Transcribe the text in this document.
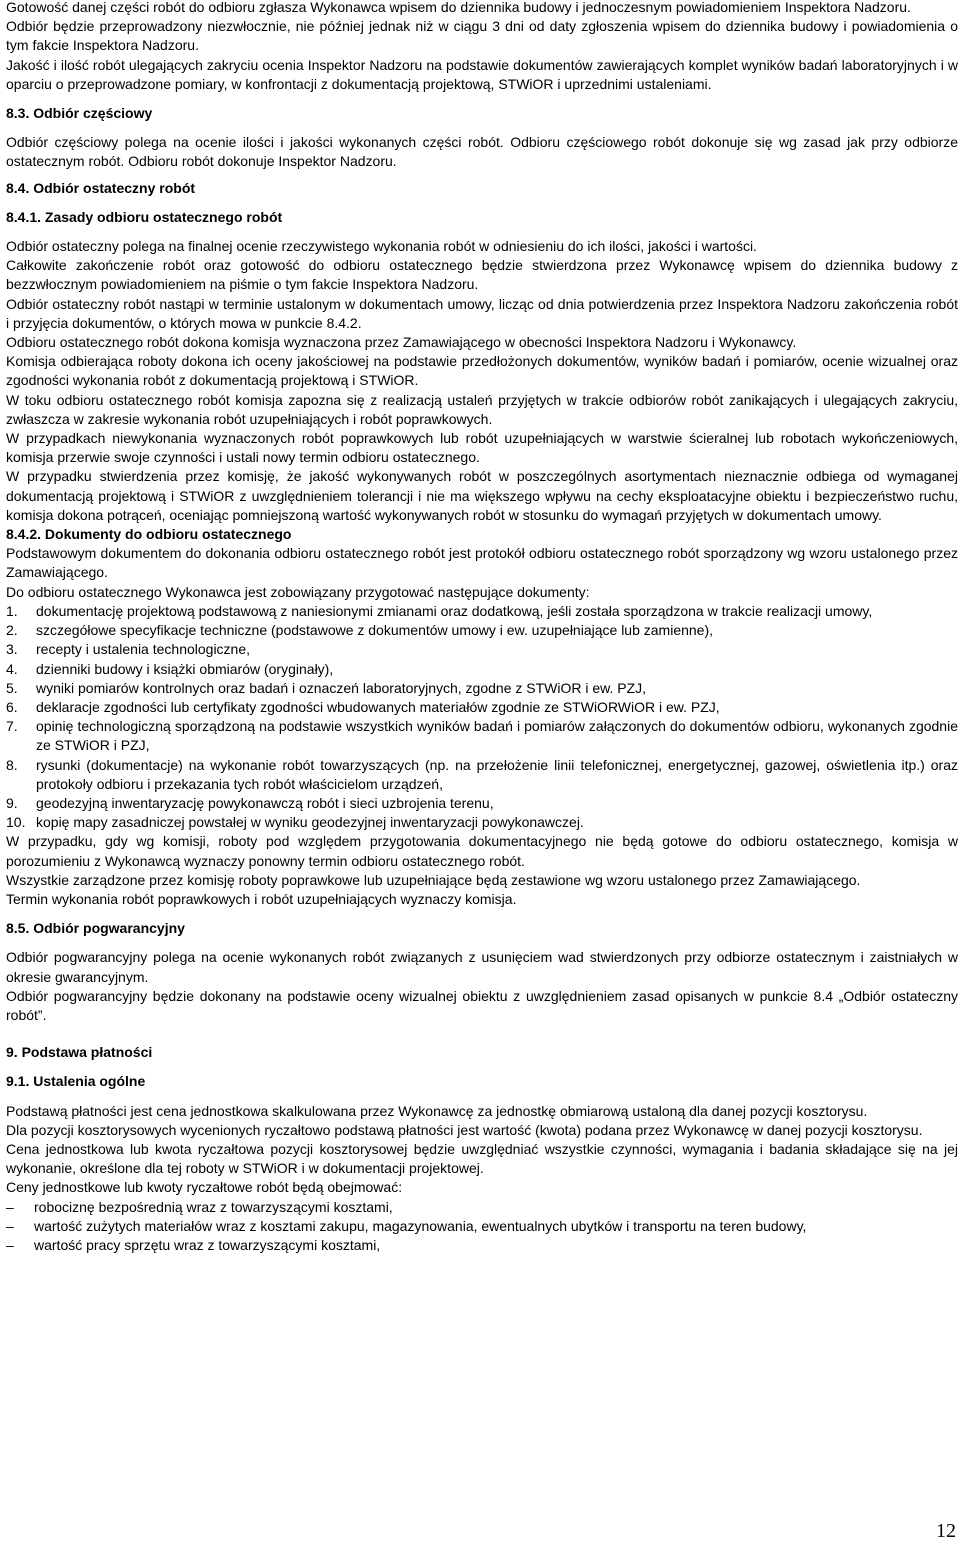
Gotowość danej części robót do odbioru zgłasza Wykonawca wpisem do dziennika budowy i jednoczesnym powiadomieniem Inspektora Nadzoru.

Odbiór będzie przeprowadzony niezwłocznie, nie później jednak niż w ciągu 3 dni od daty zgłoszenia wpisem do dziennika budowy i powiadomienia o tym fakcie Inspektora Nadzoru.

Jakość i ilość robót ulegających zakryciu ocenia Inspektor Nadzoru na podstawie dokumentów zawierających komplet wyników badań laboratoryjnych i w oparciu o przeprowadzone pomiary, w konfrontacji z dokumentacją projektową, STWiOR i uprzednimi ustaleniami.

8.3. Odbiór częściowy

Odbiór częściowy polega na ocenie ilości i jakości wykonanych części robót. Odbioru częściowego robót dokonuje się wg zasad jak przy odbiorze ostatecznym robót. Odbioru robót dokonuje Inspektor Nadzoru.

8.4. Odbiór ostateczny robót
8.4.1. Zasady odbioru ostatecznego robót

Odbiór ostateczny polega na finalnej ocenie rzeczywistego wykonania robót w odniesieniu do ich ilości, jakości i wartości.

Całkowite zakończenie robót oraz gotowość do odbioru ostatecznego będzie stwierdzona przez Wykonawcę wpisem do dziennika budowy z bezzwłocznym powiadomieniem na piśmie o tym fakcie Inspektora Nadzoru.

Odbiór ostateczny robót nastąpi w terminie ustalonym w dokumentach umowy, licząc od dnia potwierdzenia przez Inspektora Nadzoru zakończenia robót i przyjęcia dokumentów, o których mowa w punkcie 8.4.2.

Odbioru ostatecznego robót dokona komisja wyznaczona przez Zamawiającego w obecności Inspektora Nadzoru i Wykonawcy.

Komisja odbierająca roboty dokona ich oceny jakościowej na podstawie przedłożonych dokumentów, wyników badań i pomiarów, ocenie wizualnej oraz zgodności wykonania robót z dokumentacją projektową i STWiOR.

W toku odbioru ostatecznego robót komisja zapozna się z realizacją ustaleń przyjętych w trakcie odbiorów robót zanikających i ulegających zakryciu, zwłaszcza w zakresie wykonania robót uzupełniających i robót poprawkowych.

W przypadkach niewykonania wyznaczonych robót poprawkowych lub robót uzupełniających w warstwie ścieralnej lub robotach wykończeniowych, komisja przerwie swoje czynności i ustali nowy termin odbioru ostatecznego.

W przypadku stwierdzenia przez komisję, że jakość wykonywanych robót w poszczególnych asortymentach nieznacznie odbiega od wymaganej dokumentacją projektową i STWiOR z uwzględnieniem tolerancji i nie ma większego wpływu na cechy eksploatacyjne obiektu i bezpieczeństwo ruchu, komisja dokona potrąceń, oceniając pomniejszoną wartość wykonywanych robót w stosunku do wymagań przyjętych w dokumentach umowy.

8.4.2. Dokumenty do odbioru ostatecznego

Podstawowym dokumentem do dokonania odbioru ostatecznego robót jest protokół odbioru ostatecznego robót sporządzony wg wzoru ustalonego przez Zamawiającego.

Do odbioru ostatecznego Wykonawca jest zobowiązany przygotować następujące dokumenty:

1. dokumentację projektową podstawową z naniesionymi zmianami oraz dodatkową, jeśli została sporządzona w trakcie realizacji umowy,
2. szczegółowe specyfikacje techniczne (podstawowe z dokumentów umowy i ew. uzupełniające lub zamienne),
3. recepty i ustalenia technologiczne,
4. dzienniki budowy i książki obmiarów (oryginały),
5. wyniki pomiarów kontrolnych oraz badań i oznaczeń laboratoryjnych, zgodne z STWiOR i ew. PZJ,
6. deklaracje zgodności lub certyfikaty zgodności wbudowanych materiałów zgodnie ze STWiORWiOR i ew. PZJ,
7. opinię technologiczną sporządzoną na podstawie wszystkich wyników badań i pomiarów załączonych do dokumentów odbioru, wykonanych zgodnie ze STWiOR i PZJ,
8. rysunki (dokumentacje) na wykonanie robót towarzyszących (np. na przełożenie linii telefonicznej, energetycznej, gazowej, oświetlenia itp.) oraz protokoły odbioru i przekazania tych robót właścicielom urządzeń,
9. geodezyjną inwentaryzację powykonawczą robót i sieci uzbrojenia terenu,
10. kopię mapy zasadniczej powstałej w wyniku geodezyjnej inwentaryzacji powykonawczej.

W przypadku, gdy wg komisji, roboty pod względem przygotowania dokumentacyjnego nie będą gotowe do odbioru ostatecznego, komisja w porozumieniu z Wykonawcą wyznaczy ponowny termin odbioru ostatecznego robót.

Wszystkie zarządzone przez komisję roboty poprawkowe lub uzupełniające będą zestawione wg wzoru ustalonego przez Zamawiającego.

Termin wykonania robót poprawkowych i robót uzupełniających wyznaczy komisja.

8.5. Odbiór pogwarancyjny

Odbiór pogwarancyjny polega na ocenie wykonanych robót związanych z usunięciem wad stwierdzonych przy odbiorze ostatecznym i zaistniałych w okresie gwarancyjnym.

Odbiór pogwarancyjny będzie dokonany na podstawie oceny wizualnej obiektu z uwzględnieniem zasad opisanych w punkcie 8.4 „Odbiór ostateczny robót”.

9. Podstawa płatności
9.1. Ustalenia ogólne

Podstawą płatności jest cena jednostkowa skalkulowana przez Wykonawcę za jednostkę obmiarową ustaloną dla danej pozycji kosztorysu.

Dla pozycji kosztorysowych wycenionych ryczałtowo podstawą płatności jest wartość (kwota) podana przez Wykonawcę w danej pozycji kosztorysu.

Cena jednostkowa lub kwota ryczałtowa pozycji kosztorysowej będzie uwzględniać wszystkie czynności, wymagania i badania składające się na jej wykonanie, określone dla tej roboty w STWiOR i w dokumentacji projektowej.

Ceny jednostkowe lub kwoty ryczałtowe robót będą obejmować:

– robociznę bezpośrednią wraz z towarzyszącymi kosztami,
– wartość zużytych materiałów wraz z kosztami zakupu, magazynowania, ewentualnych ubytków i transportu na teren budowy,
– wartość pracy sprzętu wraz z towarzyszącymi kosztami,
12
